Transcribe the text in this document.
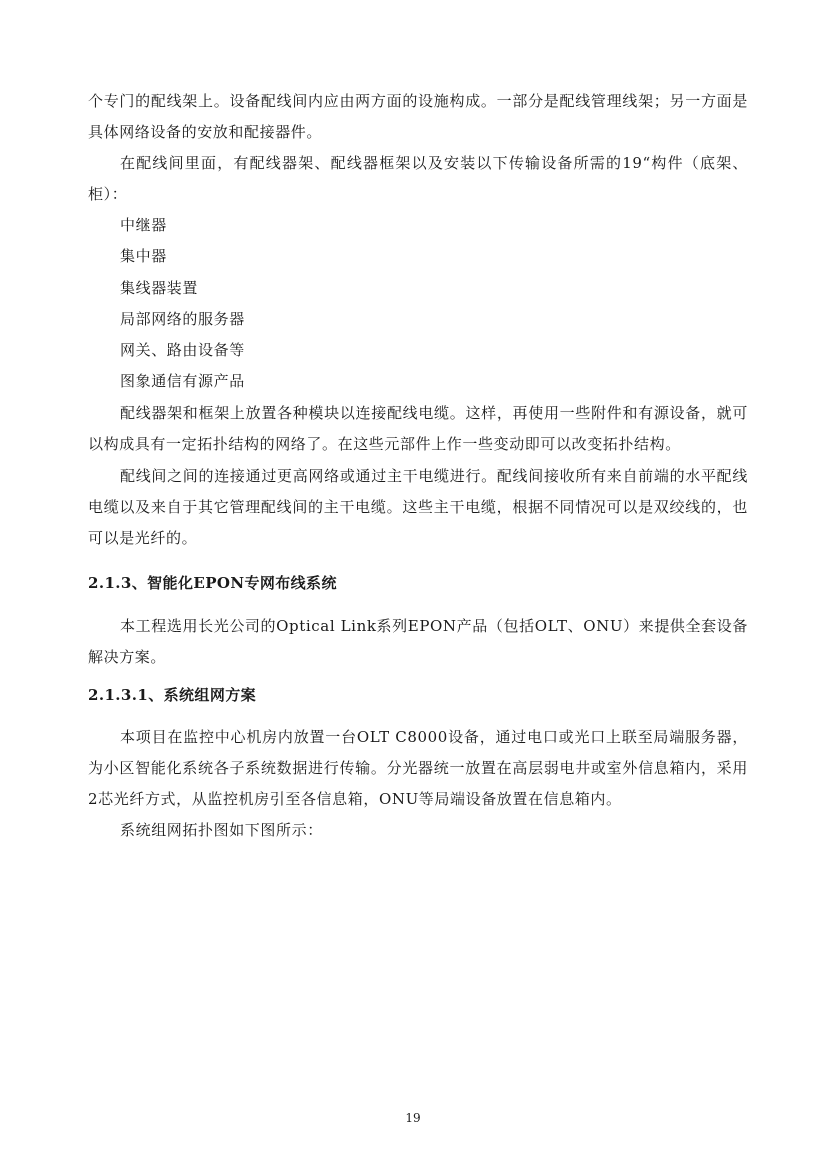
个专门的配线架上。设备配线间内应由两方面的设施构成。一部分是配线管理线架；另一方面是具体网络设备的安放和配接器件。

在配线间里面，有配线器架、配线器框架以及安装以下传输设备所需的19“构件（底架、柜）：

中继器

集中器

集线器装置

局部网络的服务器

网关、路由设备等

图象通信有源产品

配线器架和框架上放置各种模块以连接配线电缆。这样，再使用一些附件和有源设备，就可以构成具有一定拓扑结构的网络了。在这些元部件上作一些变动即可以改变拓扑结构。

配线间之间的连接通过更高网络或通过主干电缆进行。配线间接收所有来自前端的水平配线电缆以及来自于其它管理配线间的主干电缆。这些主干电缆，根据不同情况可以是双绞线的，也可以是光纤的。

2.1.3、智能化EPON专网布线系统

本工程选用长光公司的Optical Link系列EPON产品（包括OLT、ONU）来提供全套设备解决方案。

2.1.3.1、系统组网方案

本项目在监控中心机房内放置一台OLT C8000设备，通过电口或光口上联至局端服务器，为小区智能化系统各子系统数据进行传输。分光器统一放置在高层弱电井或室外信息箱内，采用2芯光纤方式，从监控机房引至各信息箱，ONU等局端设备放置在信息箱内。

系统组网拓扑图如下图所示：

19
